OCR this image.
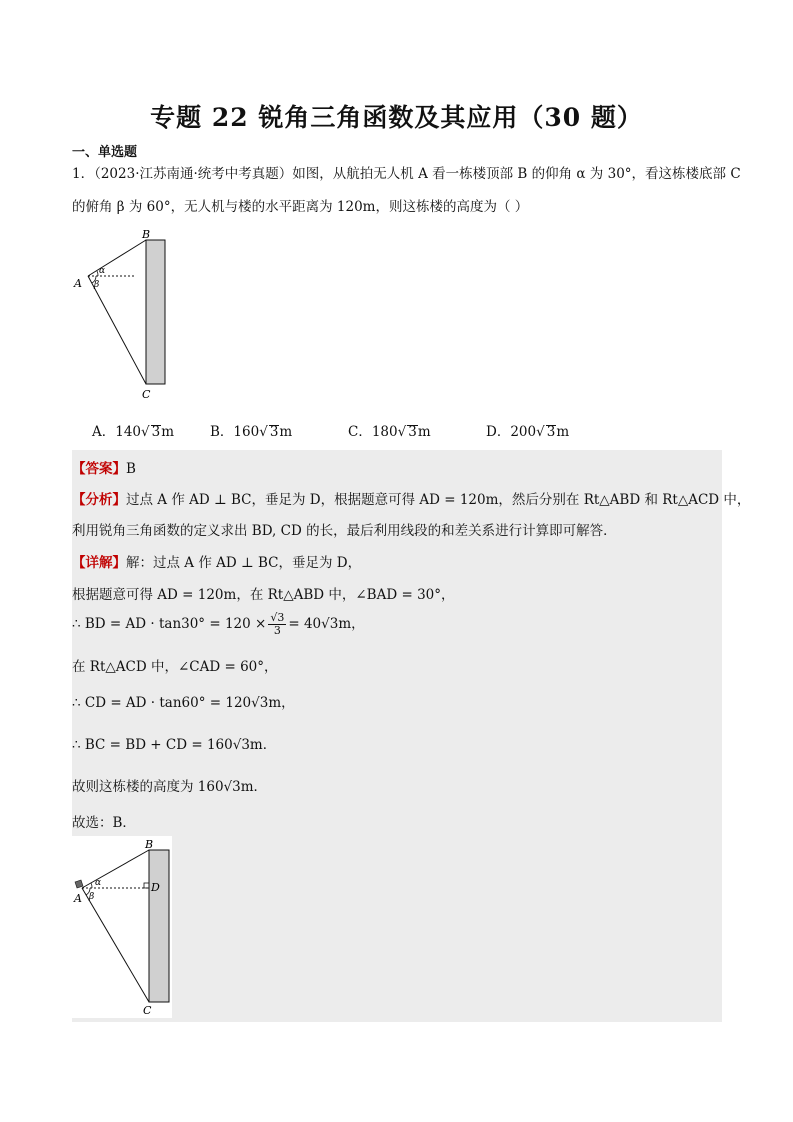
专题 22 锐角三角函数及其应用（30 题）
一、单选题
1．（2023·江苏南通·统考中考真题）如图，从航拍无人机 A 看一栋楼顶部 B 的仰角 α 为 30°，看这栋楼底部 C
的俯角 β 为 60°，无人机与楼的水平距离为 120m，则这栋楼的高度为（ ）
B
A
C
α
β
A．140√ 3m	B．160√ 3m	C．180√ 3m	D．200√ 3m
【答案】B
【分析】过点 A 作 AD ⊥ BC，垂足为 D，根据题意可得 AD = 120m，然后分别在 Rt△ABD 和 Rt△ACD 中，
利用锐角三角函数的定义求出 BD, CD 的长，最后利用线段的和差关系进行计算即可解答．
【详解】解：过点 A 作 AD ⊥ BC，垂足为 D，
根据题意可得 AD = 120m，在 Rt△ABD 中，∠BAD = 30°，
∴ BD = AD · $\tan 30^\circ = 120 \times \frac{√3}{3} = 40√3m$，
在 Rt△ACD 中，∠CAD = 60°，
∴ CD = AD · tan60° = 120√3m，
∴ BC = BD + CD = 160√3m．
故则这栋楼的高度为 160√3m．
故选：B．
B
A
C
D
α
β
